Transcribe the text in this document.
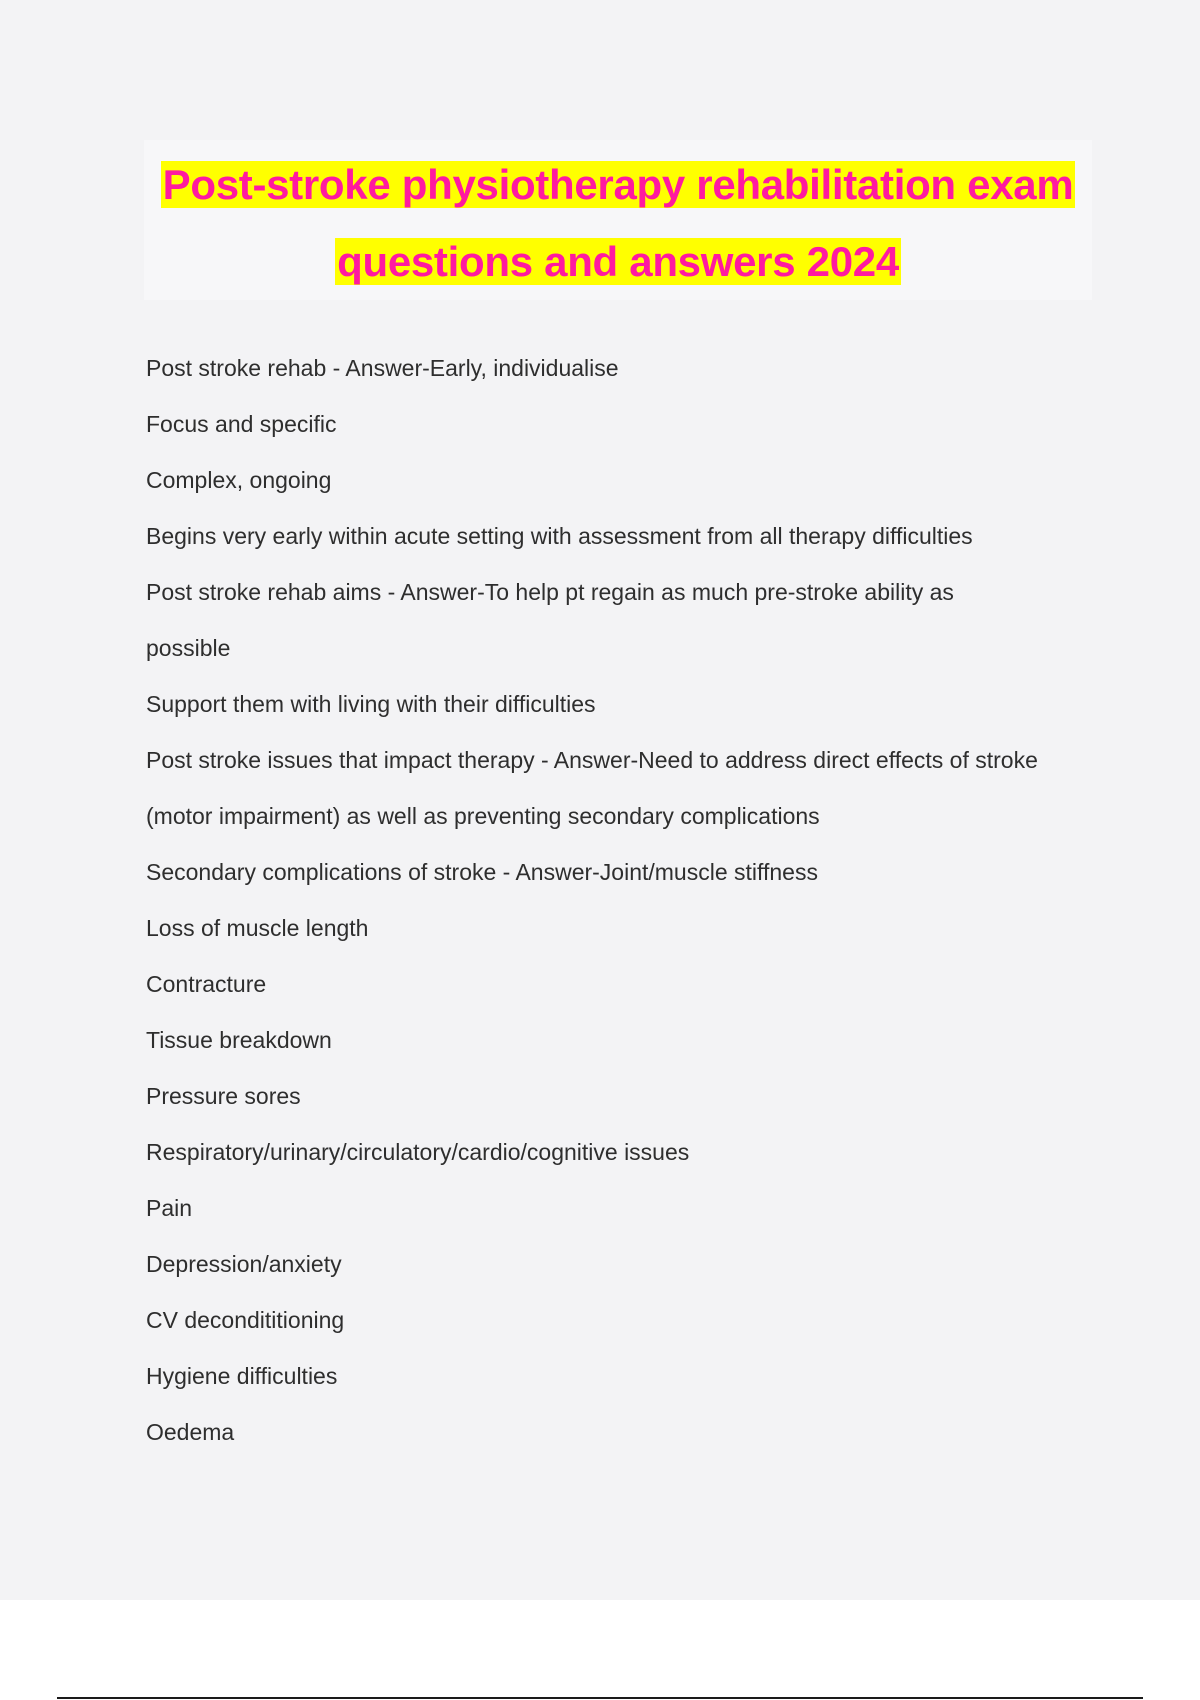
Post-stroke physiotherapy rehabilitation exam
questions and answers 2024
Post stroke rehab - Answer-Early, individualise
Focus and specific
Complex, ongoing
Begins very early within acute setting with assessment from all therapy difficulties
Post stroke rehab aims - Answer-To help pt regain as much pre-stroke ability as
possible
Support them with living with their difficulties
Post stroke issues that impact therapy - Answer-Need to address direct effects of stroke
(motor impairment) as well as preventing secondary complications
Secondary complications of stroke - Answer-Joint/muscle stiffness
Loss of muscle length
Contracture
Tissue breakdown
Pressure sores
Respiratory/urinary/circulatory/cardio/cognitive issues
Pain
Depression/anxiety
CV decondititioning
Hygiene difficulties
Oedema
